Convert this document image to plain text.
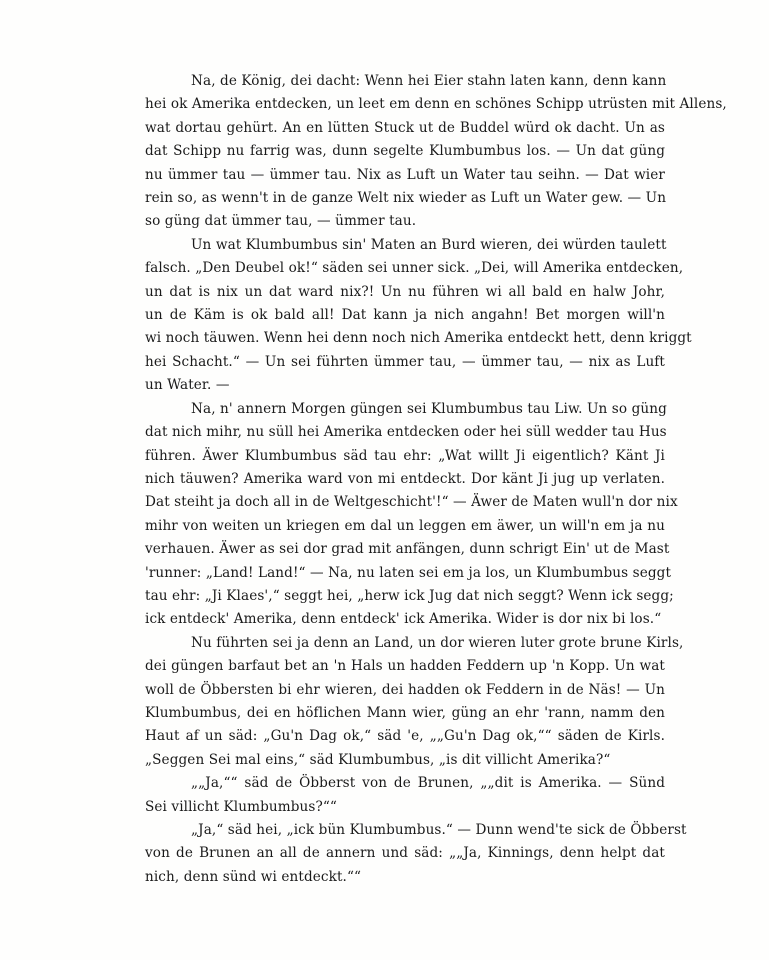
Na, de König, dei dacht: Wenn hei Eier stahn laten kann, denn kann
hei ok Amerika entdecken, un leet em denn en schönes Schipp utrüsten mit Allens,
wat dortau gehürt. An en lütten Stuck ut de Buddel würd ok dacht. Un as
dat Schipp nu farrig was, dunn segelte Klumbumbus los. — Un dat güng
nu ümmer tau — ümmer tau. Nix as Luft un Water tau seihn. — Dat wier
rein so, as wenn't in de ganze Welt nix wieder as Luft un Water gew. — Un
so güng dat ümmer tau, — ümmer tau.

Un wat Klumbumbus sin' Maten an Burd wieren, dei würden taulett
falsch. „Den Deubel ok!“ säden sei unner sick. „Dei, will Amerika entdecken,
un dat is nix un dat ward nix?! Un nu führen wi all bald en halw Johr,
un de Käm is ok bald all! Dat kann ja nich angahn! Bet morgen will'n
wi noch täuwen. Wenn hei denn noch nich Amerika entdeckt hett, denn kriggt
hei Schacht.“ — Un sei führten ümmer tau, — ümmer tau, — nix as Luft
un Water. —

Na, n' annern Morgen güngen sei Klumbumbus tau Liw. Un so güng
dat nich mihr, nu süll hei Amerika entdecken oder hei süll wedder tau Hus
führen. Äwer Klumbumbus säd tau ehr: „Wat willt Ji eigentlich? Känt Ji
nich täuwen? Amerika ward von mi entdeckt. Dor känt Ji jug up verlaten.
Dat steiht ja doch all in de Weltgeschicht'!“ — Äwer de Maten wull'n dor nix
mihr von weiten un kriegen em dal un leggen em äwer, un will'n em ja nu
verhauen. Äwer as sei dor grad mit anfängen, dunn schrigt Ein' ut de Mast
'runner: „Land! Land!“ — Na, nu laten sei em ja los, un Klumbumbus seggt
tau ehr: „Ji Klaes',“ seggt hei, „herw ick Jug dat nich seggt? Wenn ick segg;
ick entdeck' Amerika, denn entdeck' ick Amerika. Wider is dor nix bi los.“

Nu führten sei ja denn an Land, un dor wieren luter grote brune Kirls,
dei güngen barfaut bet an 'n Hals un hadden Feddern up 'n Kopp. Un wat
woll de Öbbersten bi ehr wieren, dei hadden ok Feddern in de Näs! — Un
Klumbumbus, dei en höflichen Mann wier, güng an ehr 'rann, namm den
Haut af un säd: „Gu'n Dag ok,“ säd 'e, „„Gu'n Dag ok,““ säden de Kirls.
„Seggen Sei mal eins,“ säd Klumbumbus, „is dit villicht Amerika?“

„„Ja,““ säd de Öbberst von de Brunen, „„dit is Amerika. — Sünd
Sei villicht Klumbumbus?““

„Ja,“ säd hei, „ick bün Klumbumbus.“ — Dunn wend'te sick de Öbberst
von de Brunen an all de annern und säd: „„Ja, Kinnings, denn helpt dat
nich, denn sünd wi entdeckt.““
